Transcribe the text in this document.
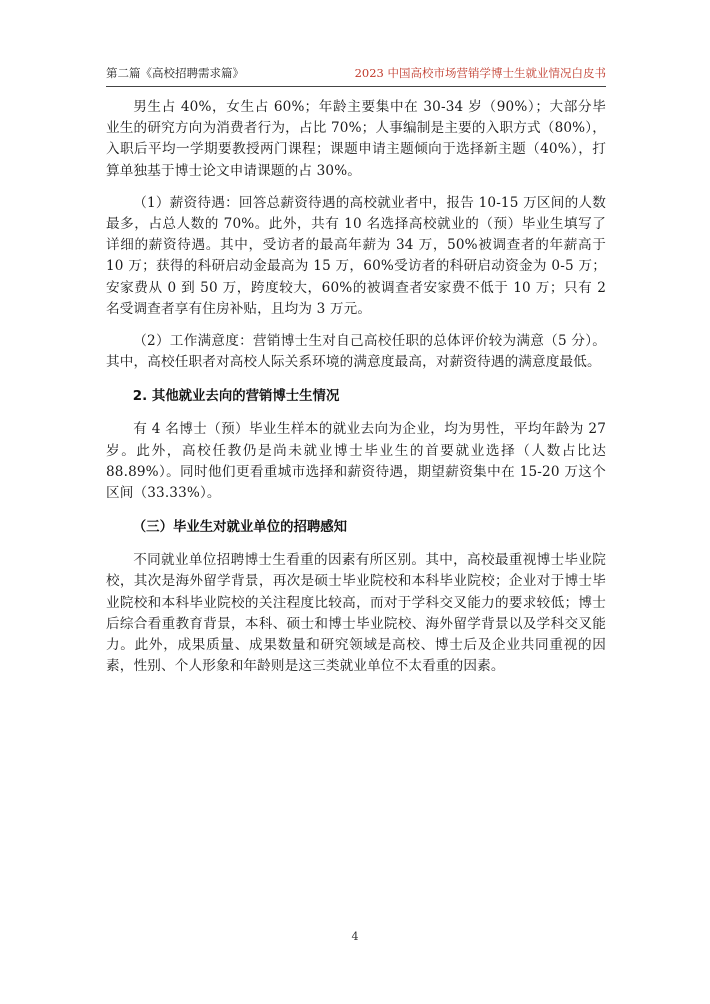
第二篇《高校招聘需求篇》	2023 中国高校市场营销学博士生就业情况白皮书

男生占 40%，女生占 60%；年龄主要集中在 30-34 岁（90%）；大部分毕业生的研究方向为消费者行为，占比 70%；人事编制是主要的入职方式（80%），入职后平均一学期要教授两门课程；课题申请主题倾向于选择新主题（40%），打算单独基于博士论文申请课题的占 30%。

（1）薪资待遇：回答总薪资待遇的高校就业者中，报告 10-15 万区间的人数最多，占总人数的 70%。此外，共有 10 名选择高校就业的（预）毕业生填写了详细的薪资待遇。其中，受访者的最高年薪为 34 万，50%被调查者的年薪高于 10 万；获得的科研启动金最高为 15 万，60%受访者的科研启动资金为 0-5 万；安家费从 0 到 50 万，跨度较大，60%的被调查者安家费不低于 10 万；只有 2 名受调查者享有住房补贴，且均为 3 万元。

（2）工作满意度：营销博士生对自己高校任职的总体评价较为满意（5 分）。其中，高校任职者对高校人际关系环境的满意度最高，对薪资待遇的满意度最低。

2. 其他就业去向的营销博士生情况

有 4 名博士（预）毕业生样本的就业去向为企业，均为男性，平均年龄为 27 岁。此外，高校任教仍是尚未就业博士毕业生的首要就业选择（人数占比达 88.89%）。同时他们更看重城市选择和薪资待遇，期望薪资集中在 15-20 万这个区间（33.33%）。

（三）毕业生对就业单位的招聘感知

不同就业单位招聘博士生看重的因素有所区别。其中，高校最重视博士毕业院校，其次是海外留学背景，再次是硕士毕业院校和本科毕业院校；企业对于博士毕业院校和本科毕业院校的关注程度比较高，而对于学科交叉能力的要求较低；博士后综合看重教育背景，本科、硕士和博士毕业院校、海外留学背景以及学科交叉能力。此外，成果质量、成果数量和研究领域是高校、博士后及企业共同重视的因素，性别、个人形象和年龄则是这三类就业单位不太看重的因素。

4
